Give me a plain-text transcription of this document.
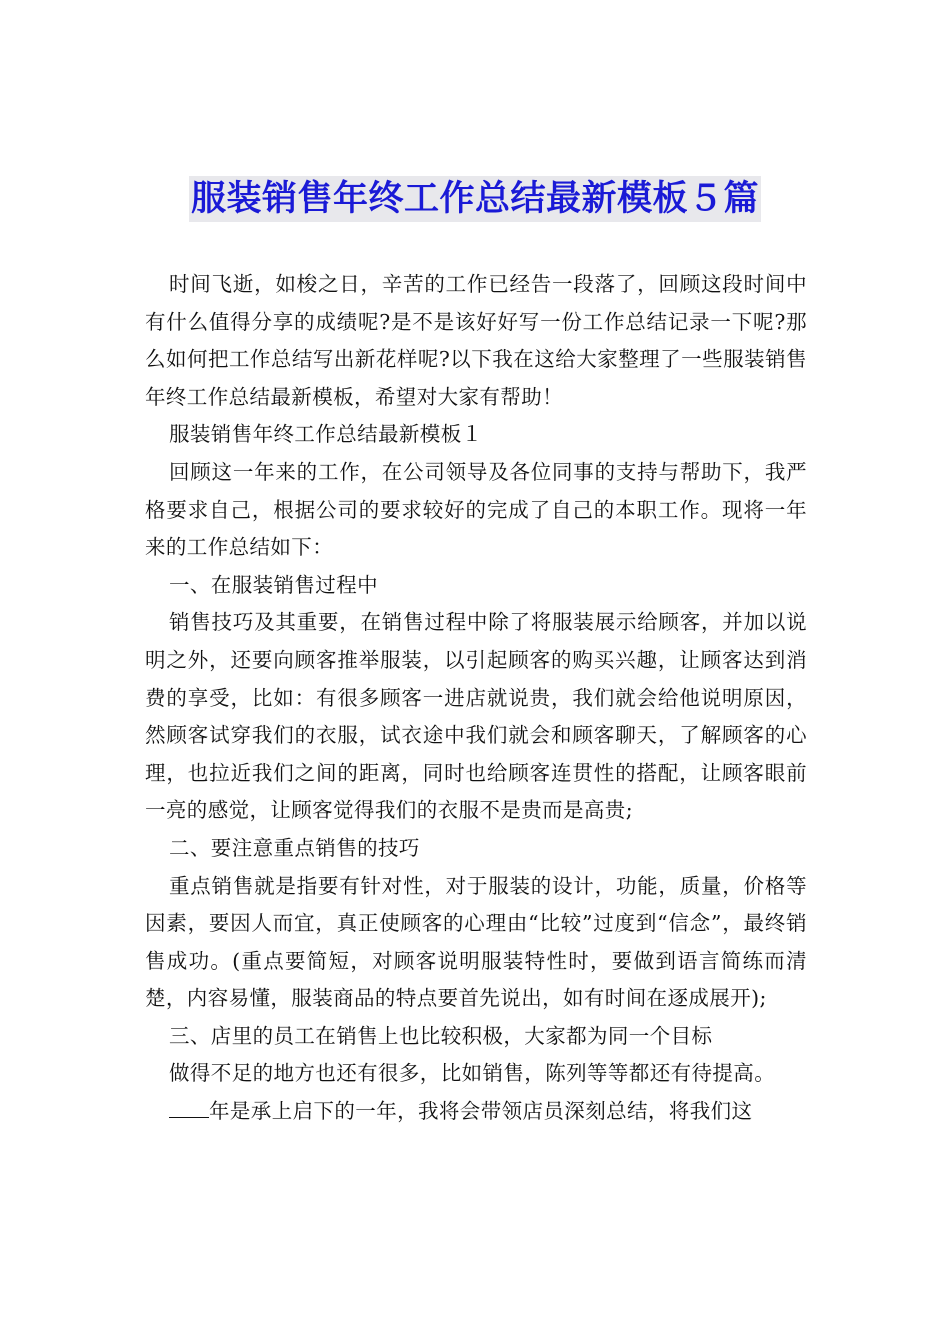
服装销售年终工作总结最新模板５篇

时间飞逝，如梭之日，辛苦的工作已经告一段落了，回顾这段时间中有什么值得分享的成绩呢?是不是该好好写一份工作总结记录一下呢?那么如何把工作总结写出新花样呢?以下我在这给大家整理了一些服装销售年终工作总结最新模板，希望对大家有帮助！

服装销售年终工作总结最新模板１

回顾这一年来的工作，在公司领导及各位同事的支持与帮助下，我严格要求自己，根据公司的要求较好的完成了自己的本职工作。现将一年来的工作总结如下：

一、在服装销售过程中

销售技巧及其重要，在销售过程中除了将服装展示给顾客，并加以说明之外，还要向顾客推举服装，以引起顾客的购买兴趣，让顾客达到消费的享受，比如：有很多顾客一进店就说贵，我们就会给他说明原因，然顾客试穿我们的衣服，试衣途中我们就会和顾客聊天，了解顾客的心理，也拉近我们之间的距离，同时也给顾客连贯性的搭配，让顾客眼前一亮的感觉，让顾客觉得我们的衣服不是贵而是高贵;

二、要注意重点销售的技巧

重点销售就是指要有针对性，对于服装的设计，功能，质量，价格等因素，要因人而宜，真正使顾客的心理由“比较”过度到“信念”，最终销售成功。(重点要简短，对顾客说明服装特性时，要做到语言简练而清楚，内容易懂，服装商品的特点要首先说出，如有时间在逐成展开);

三、店里的员工在销售上也比较积极，大家都为同一个目标

做得不足的地方也还有很多，比如销售，陈列等等都还有待提高。

年是承上启下的一年，我将会带领店员深刻总结，将我们这
